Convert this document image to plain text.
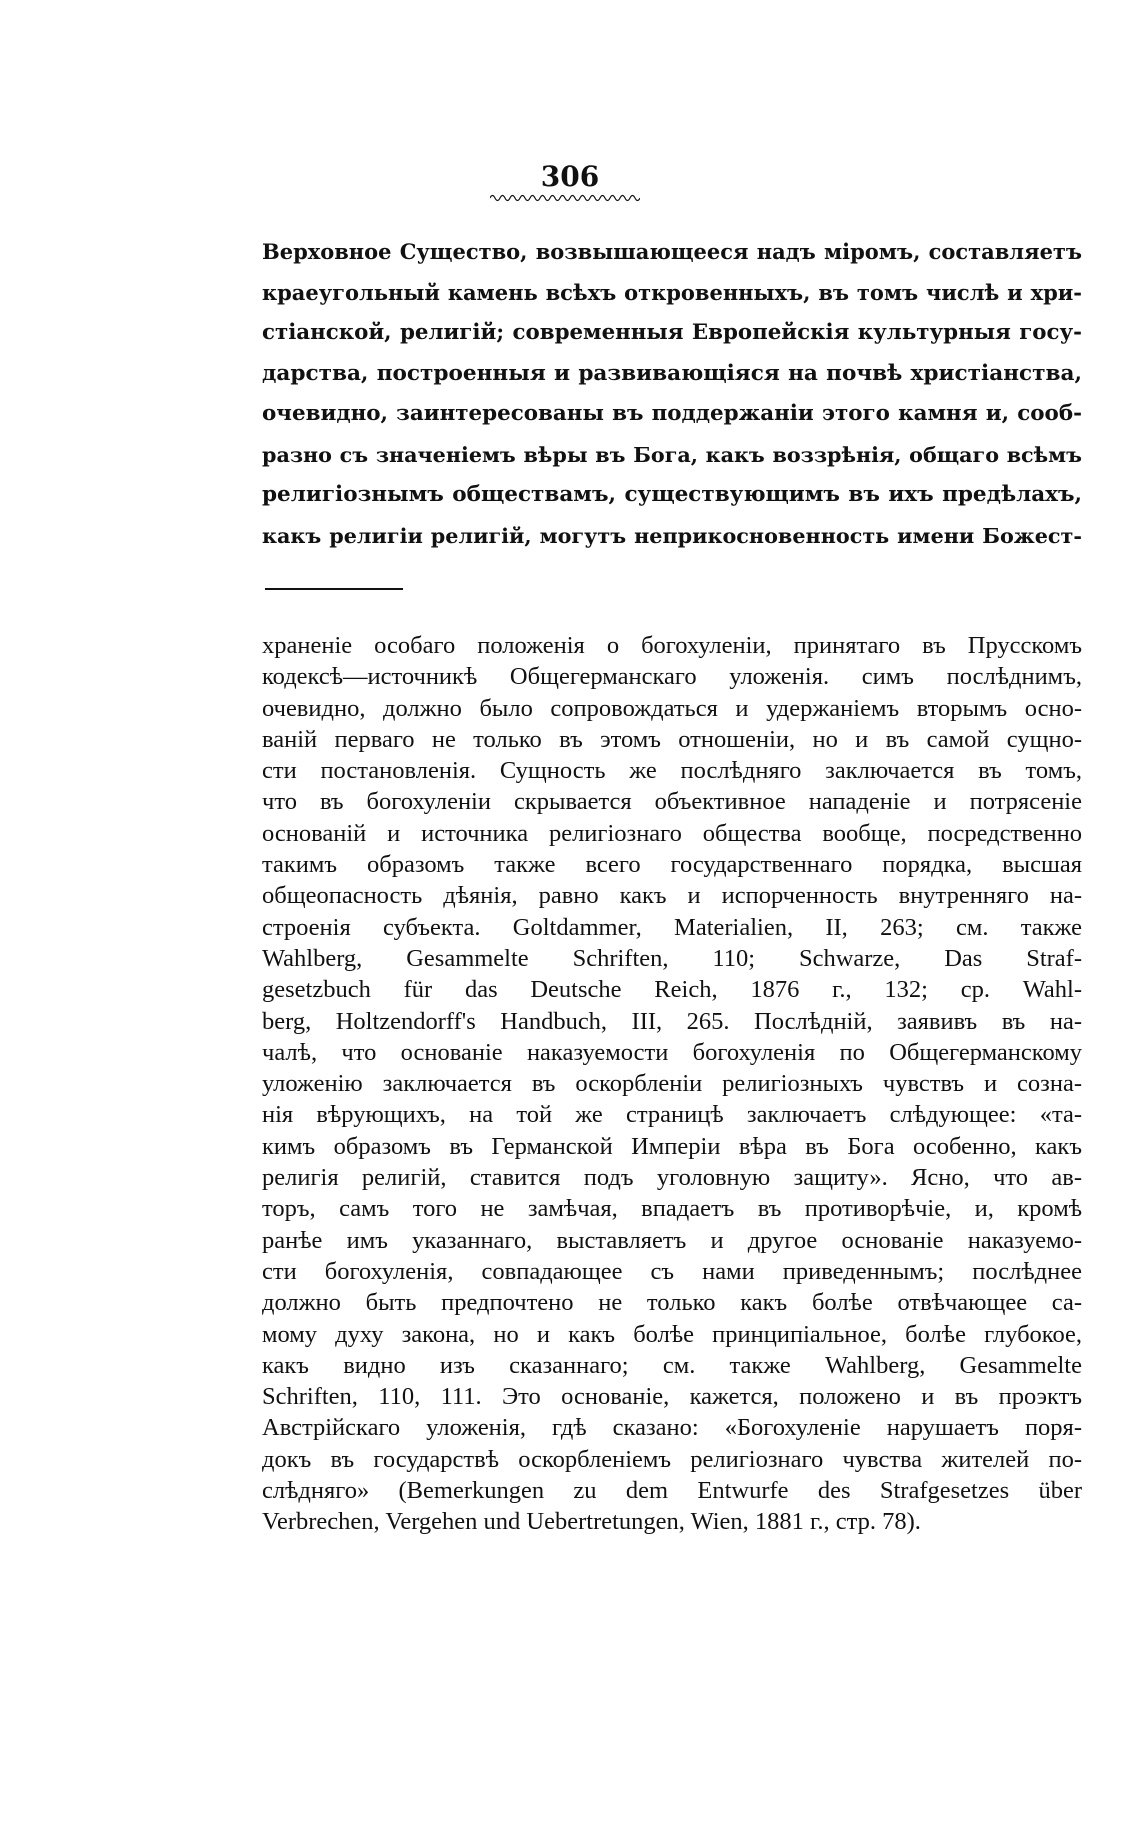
306
Верховное Существо, возвышающееся надъ міромъ, составляетъ
краеугольный камень всѣхъ откровенныхъ, въ томъ числѣ и хри-
стіанской, религій; современныя Европейскія культурныя госу-
дарства, построенныя и развивающіяся на почвѣ христіанства,
очевидно, заинтересованы въ поддержаніи этого камня и, сооб-
разно съ значеніемъ вѣры въ Бога, какъ воззрѣнія, общаго всѣмъ
религіознымъ обществамъ, существующимъ въ ихъ предѣлахъ,
какъ религіи религій, могутъ неприкосновенность имени Божест-
храненіе особаго положенія о богохуленіи, принятаго въ Прусскомъ
кодексѣ—источникѣ Общегерманскаго уложенія. симъ послѣднимъ,
очевидно, должно было сопровождаться и удержаніемъ вторымъ осно-
ваній перваго не только въ этомъ отношеніи, но и въ самой сущно-
сти постановленія. Сущность же послѣдняго заключается въ томъ,
что въ богохуленіи скрывается объективное нападеніе и потрясеніе
основаній и источника религіознаго общества вообще, посредственно
такимъ образомъ также всего государственнаго порядка, высшая
общеопасность дѣянія, равно какъ и испорченность внутренняго на-
строенія субъекта. Goltdammer, Materialien, II, 263; см. также
Wahlberg, Gesammelte Schriften, 110; Schwarze, Das Straf-
gesetzbuch für das Deutsche Reich, 1876 г., 132; ср. Wahl-
berg, Holtzendorff's Handbuch, III, 265. Послѣдній, заявивъ въ на-
чалѣ, что основаніе наказуемости богохуленія по Общегерманскому
уложенію заключается въ оскорбленіи религіозныхъ чувствъ и созна-
нія вѣрующихъ, на той же страницѣ заключаетъ слѣдующее: «та-
кимъ образомъ въ Германской Имперіи вѣра въ Бога особенно, какъ
религія религій, ставится подъ уголовную защиту». Ясно, что ав-
торъ, самъ того не замѣчая, впадаетъ въ противорѣчіе, и, кромѣ
ранѣе имъ указаннаго, выставляетъ и другое основаніе наказуемо-
сти богохуленія, совпадающее съ нами приведеннымъ; послѣднее
должно быть предпочтено не только какъ болѣе отвѣчающее са-
мому духу закона, но и какъ болѣе принципіальное, болѣе глубокое,
какъ видно изъ сказаннаго; см. также Wahlberg, Gesammelte
Schriften, 110, 111. Это основаніе, кажется, положено и въ проэктъ
Австрійскаго уложенія, гдѣ сказано: «Богохуленіе нарушаетъ поря-
докъ въ государствѣ оскорбленіемъ религіознаго чувства жителей по-
слѣдняго» (Bemerkungen zu dem Entwurfe des Strafgesetzes über
Verbrechen, Vergehen und Uebertretungen, Wien, 1881 г., стр. 78).
